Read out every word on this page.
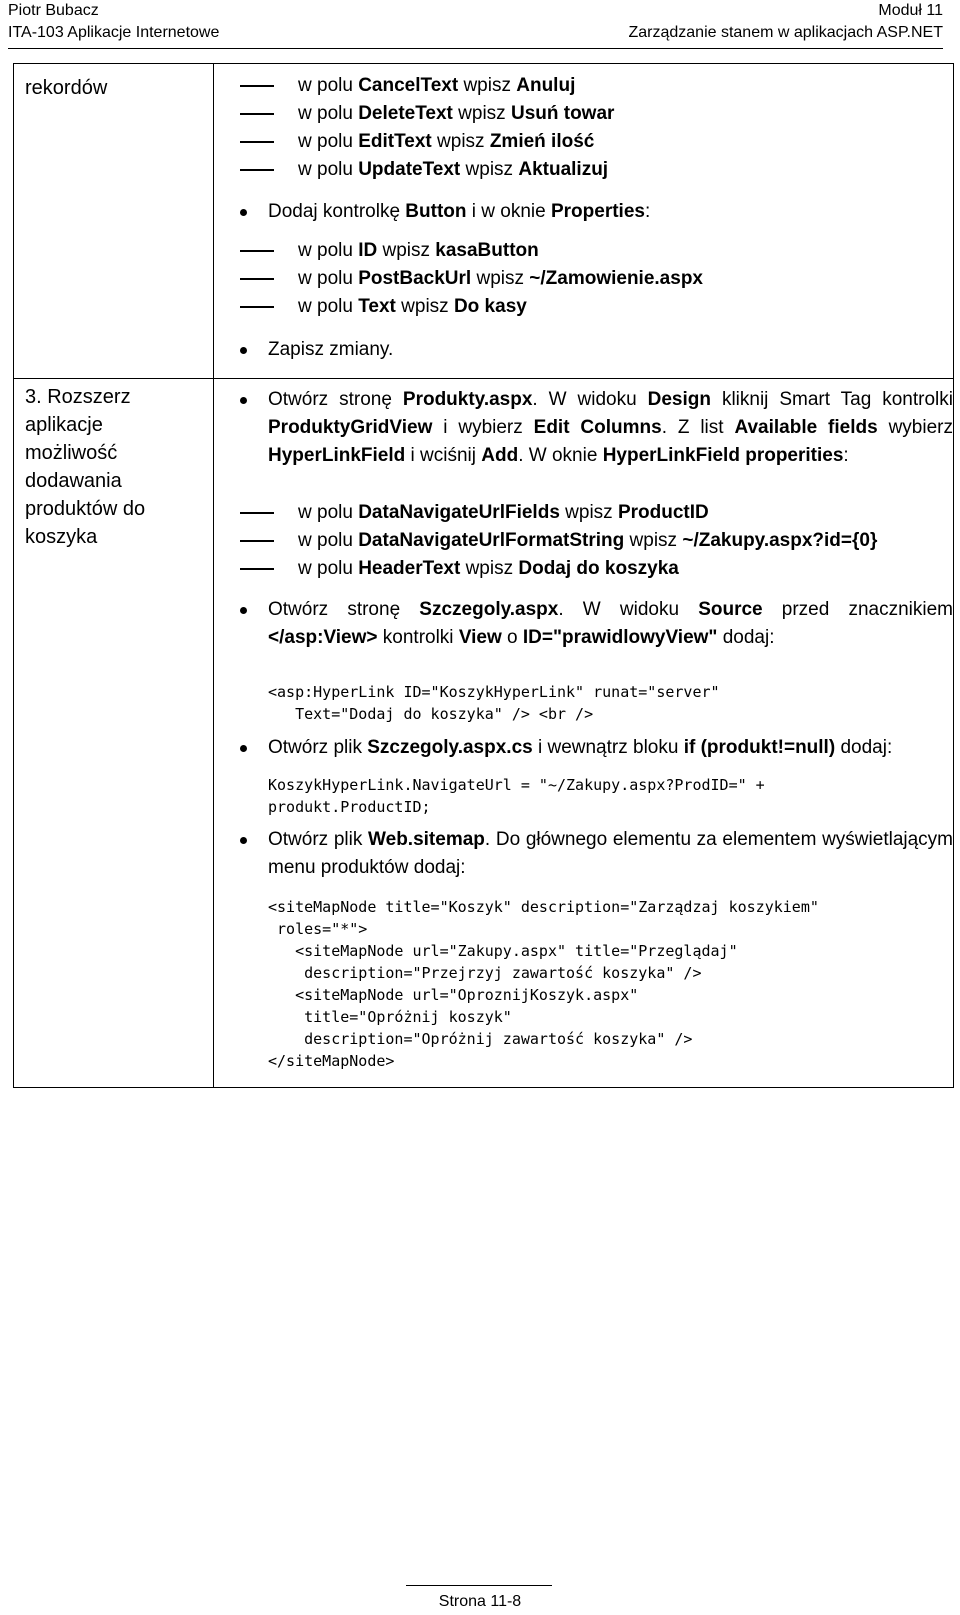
Piotr Bubacz
ITA-103 Aplikacje Internetowe
Moduł 11
Zarządzanie stanem w aplikacjach ASP.NET
rekordów
3. Rozszerz aplikacje możliwość dodawania produktów do koszyka
w polu CancelText wpisz Anuluj
w polu DeleteText wpisz Usuń towar
w polu EditText wpisz Zmień ilość
w polu UpdateText wpisz Aktualizuj
Dodaj kontrolkę Button i w oknie Properties:
w polu ID wpisz kasaButton
w polu PostBackUrl wpisz ~/Zamowienie.aspx
w polu Text wpisz Do kasy
Zapisz zmiany.
Otwórz stronę Produkty.aspx. W widoku Design kliknij Smart Tag kontrolki ProduktyGridView i wybierz Edit Columns. Z list Available fields wybierz HyperLinkField i wciśnij Add. W oknie HyperLinkField properities:
w polu DataNavigateUrlFields wpisz ProductID
w polu DataNavigateUrlFormatString wpisz ~/Zakupy.aspx?id={0}
w polu HeaderText wpisz Dodaj do koszyka
Otwórz stronę Szczegoly.aspx. W widoku Source przed znacznikiem </asp:View> kontrolki View o ID="prawidlowyView" dodaj:
<asp:HyperLink ID="KoszykHyperLink" runat="server"
Text="Dodaj do koszyka" /> <br />
Otwórz plik Szczegoly.aspx.cs i wewnątrz bloku if (produkt!=null) dodaj:
KoszykHyperLink.NavigateUrl = "~/Zakupy.aspx?ProdID=" +
produkt.ProductID;
Otwórz plik Web.sitemap. Do głównego elementu za elementem wyświetlającym menu produktów dodaj:
<siteMapNode title="Koszyk" description="Zarządzaj koszykiem"
roles="*">
<siteMapNode url="Zakupy.aspx" title="Przeglądaj"
description="Przejrzyj zawartość koszyka" />
<siteMapNode url="OproznijKoszyk.aspx"
title="Opróżnij koszyk"
description="Opróżnij zawartość koszyka" />
</siteMapNode>
Strona 11-8
